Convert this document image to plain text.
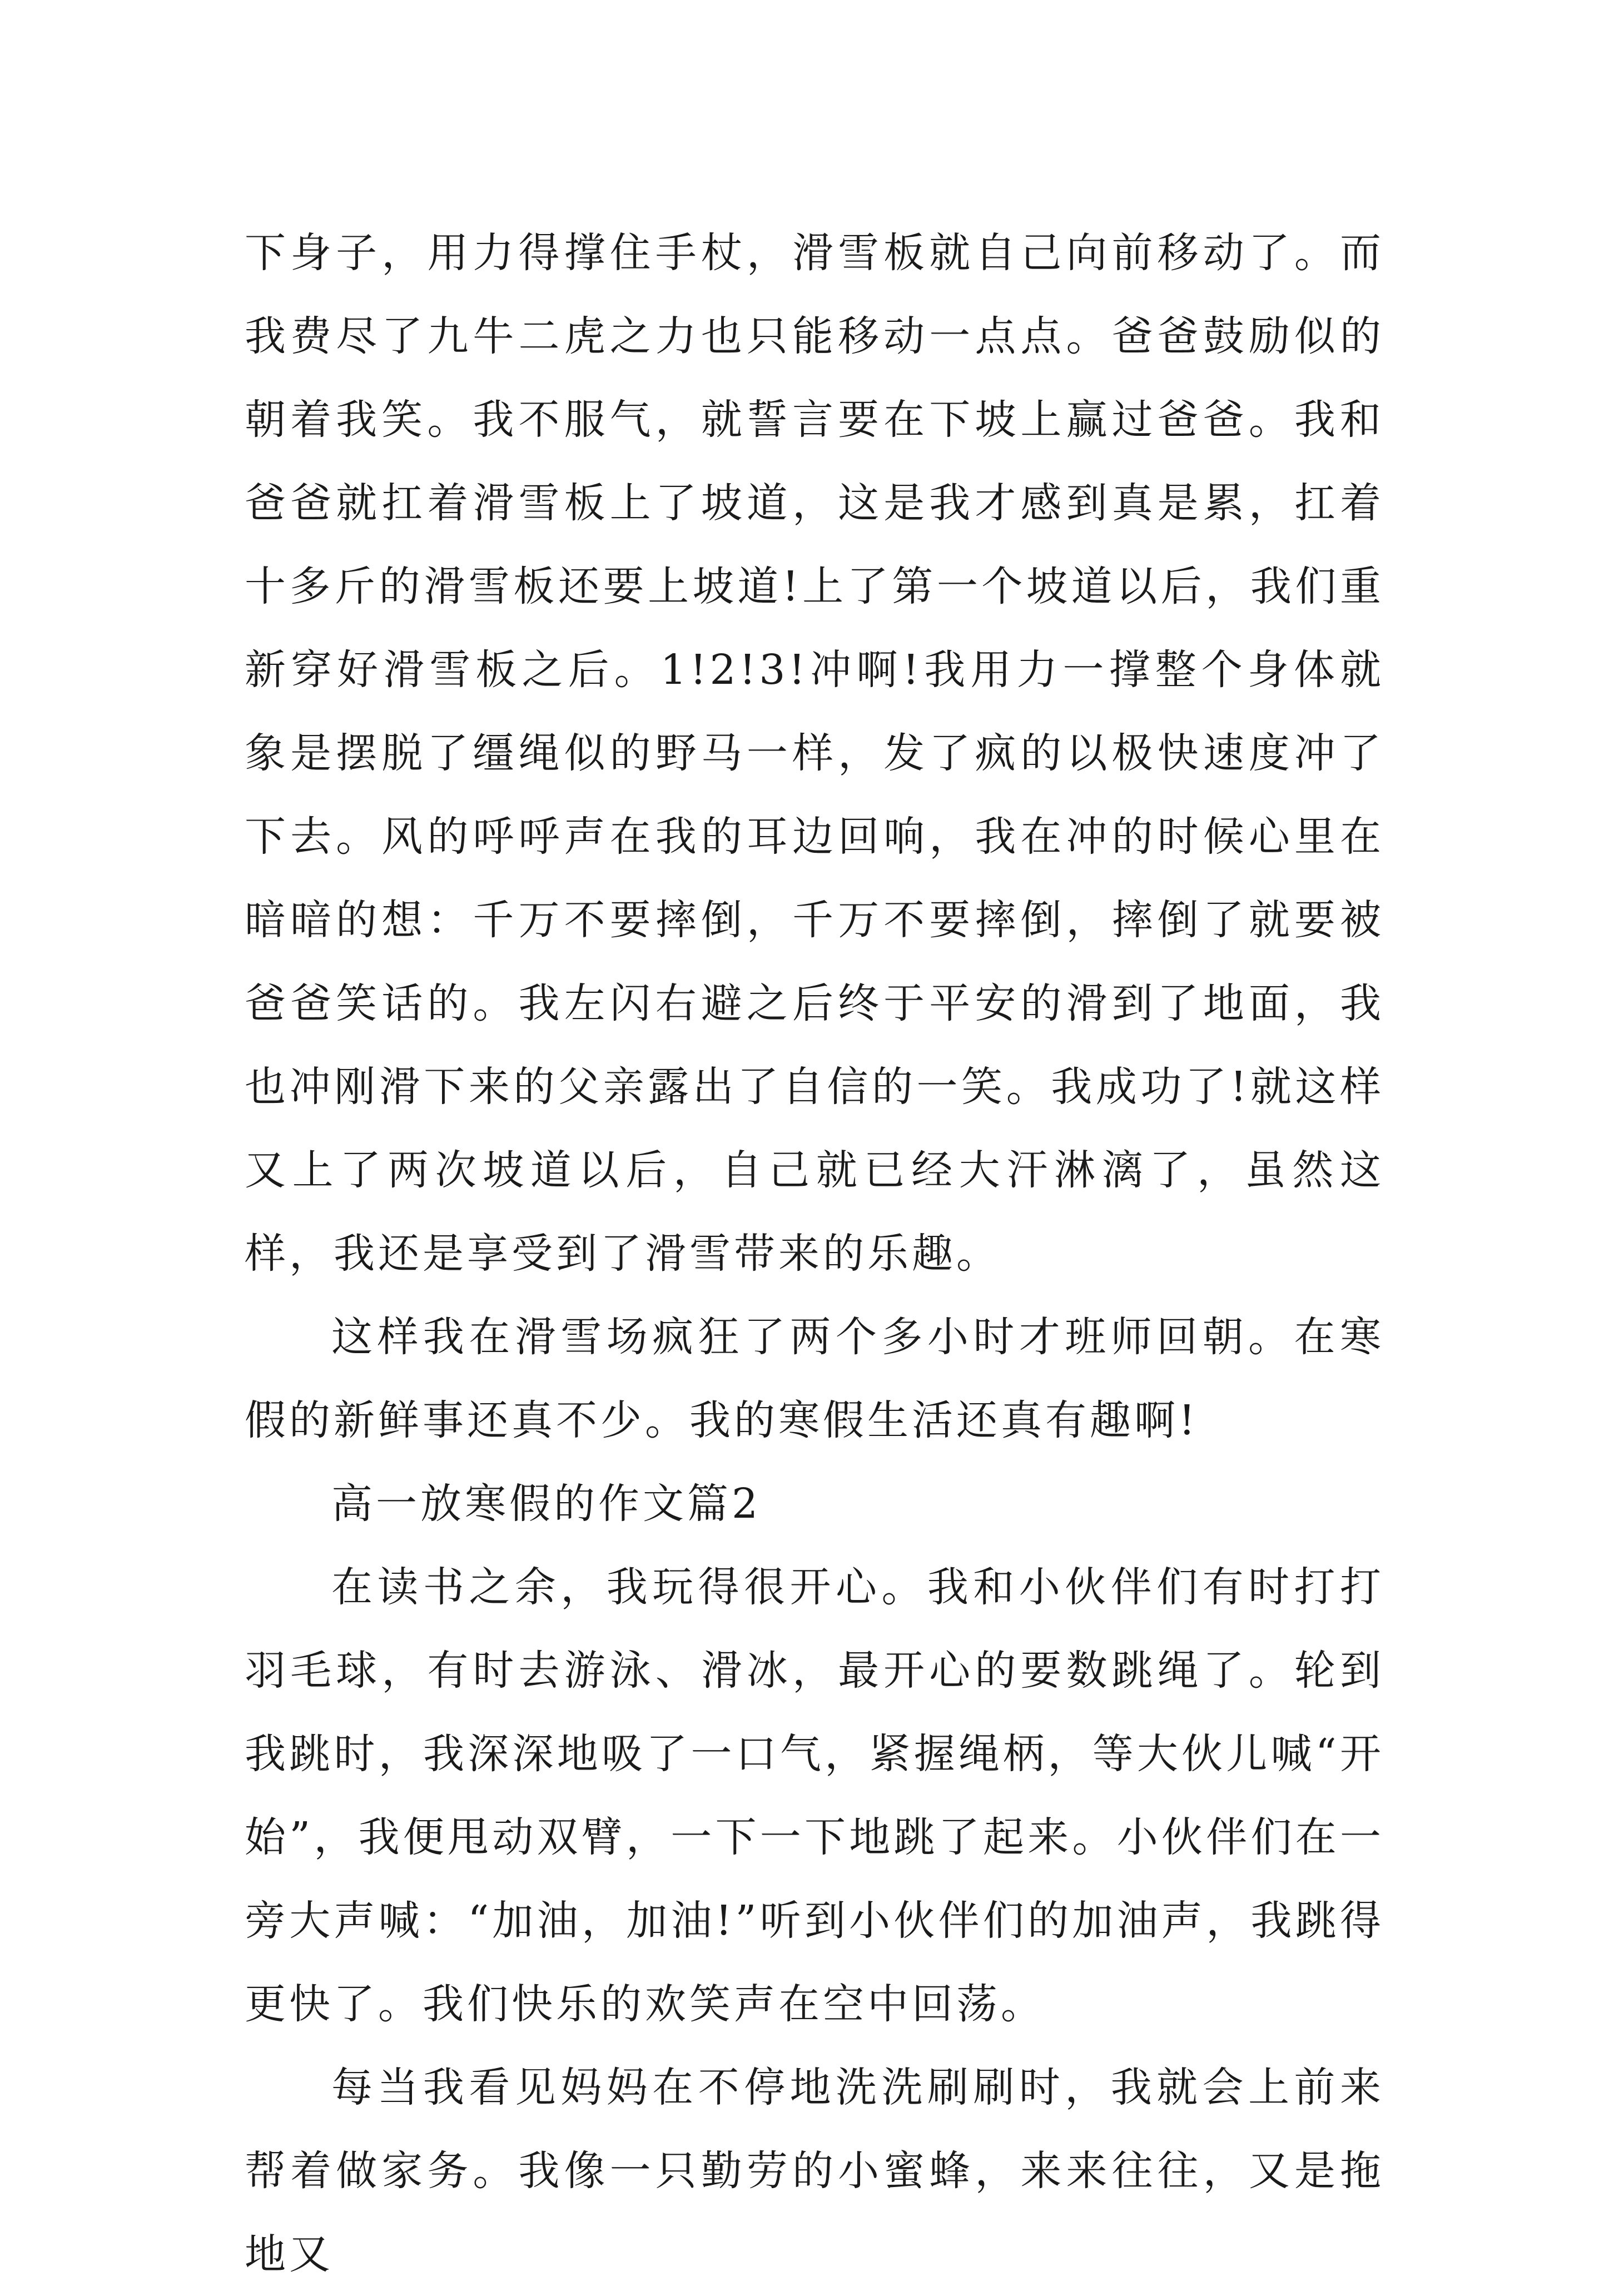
下身子，用力得撑住手杖，滑雪板就自己向前移动了。而我费尽了九牛二虎之力也只能移动一点点。爸爸鼓励似的朝着我笑。我不服气，就誓言要在下坡上赢过爸爸。我和爸爸就扛着滑雪板上了坡道，这是我才感到真是累，扛着十多斤的滑雪板还要上坡道!上了第一个坡道以后，我们重新穿好滑雪板之后。1!2!3!冲啊!我用力一撑整个身体就象是摆脱了缰绳似的野马一样，发了疯的以极快速度冲了下去。风的呼呼声在我的耳边回响，我在冲的时候心里在暗暗的想：千万不要摔倒，千万不要摔倒，摔倒了就要被爸爸笑话的。我左闪右避之后终于平安的滑到了地面，我也冲刚滑下来的父亲露出了自信的一笑。我成功了!就这样又上了两次坡道以后，自己就已经大汗淋漓了，虽然这样，我还是享受到了滑雪带来的乐趣。

这样我在滑雪场疯狂了两个多小时才班师回朝。在寒假的新鲜事还真不少。我的寒假生活还真有趣啊!

高一放寒假的作文篇2

在读书之余，我玩得很开心。我和小伙伴们有时打打羽毛球，有时去游泳、滑冰，最开心的要数跳绳了。轮到我跳时，我深深地吸了一口气，紧握绳柄，等大伙儿喊“开始”，我便甩动双臂，一下一下地跳了起来。小伙伴们在一旁大声喊：“加油，加油!”听到小伙伴们的加油声，我跳得更快了。我们快乐的欢笑声在空中回荡。

每当我看见妈妈在不停地洗洗刷刷时，我就会上前来帮着做家务。我像一只勤劳的小蜜蜂，来来往往，又是拖地又
